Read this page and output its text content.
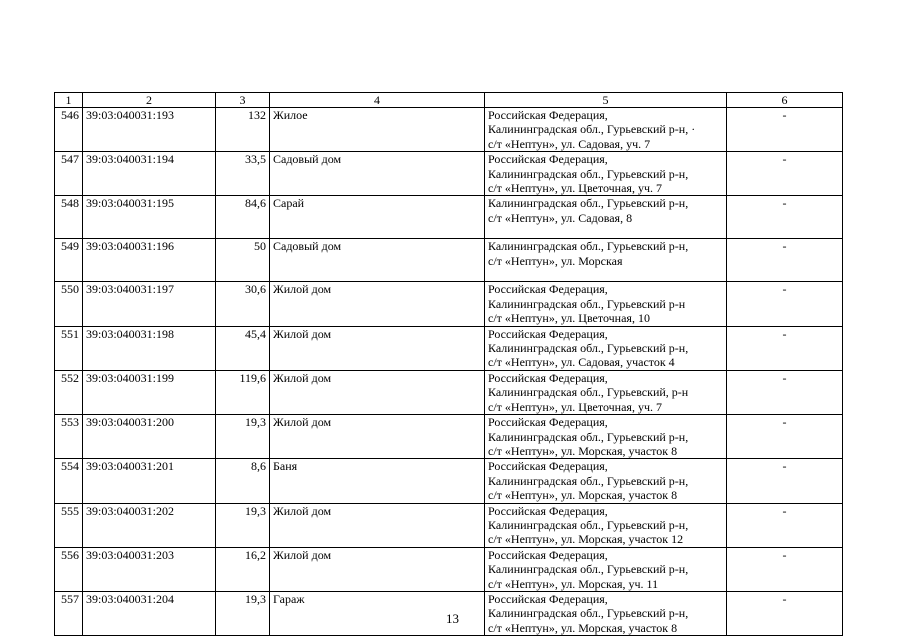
1	2	3	4	5	6
546	39:03:040031:193	132	Жилое	Российская Федерация,
Калининградская обл., Гурьевский р-н, ·
с/т «Нептун», ул. Садовая, уч. 7	-
547	39:03:040031:194	33,5	Садовый дом	Российская Федерация,
Калининградская обл., Гурьевский р-н,
с/т «Нептун», ул. Цветочная, уч. 7	-
548	39:03:040031:195	84,6	Сарай	Калининградская обл., Гурьевский р-н,
с/т «Нептун», ул. Садовая, 8	-
549	39:03:040031:196	50	Садовый дом	Калининградская обл., Гурьевский р-н,
с/т «Нептун», ул. Морская	-
550	39:03:040031:197	30,6	Жилой дом	Российская Федерация,
Калининградская обл., Гурьевский р-н
с/т «Нептун», ул. Цветочная, 10	-
551	39:03:040031:198	45,4	Жилой дом	Российская Федерация,
Калининградская обл., Гурьевский р-н,
с/т «Нептун», ул. Садовая, участок 4	-
552	39:03:040031:199	119,6	Жилой дом	Российская Федерация,
Калининградская обл., Гурьевский, р-н
с/т «Нептун», ул. Цветочная, уч. 7	-
553	39:03:040031:200	19,3	Жилой дом	Российская Федерация,
Калининградская обл., Гурьевский р-н,
с/т «Нептун», ул. Морская, участок 8	-
554	39:03:040031:201	8,6	Баня	Российская Федерация,
Калининградская обл., Гурьевский р-н,
с/т «Нептун», ул. Морская, участок 8	-
555	39:03:040031:202	19,3	Жилой дом	Российская Федерация,
Калининградская обл., Гурьевский р-н,
с/т «Нептун», ул. Морская, участок 12	-
556	39:03:040031:203	16,2	Жилой дом	Российская Федерация,
Калининградская обл., Гурьевский р-н,
с/т «Нептун», ул. Морская, уч. 11	-
557	39:03:040031:204	19,3	Гараж	Российская Федерация,
Калининградская обл., Гурьевский р-н,
с/т «Нептун», ул. Морская, участок 8	-
13
